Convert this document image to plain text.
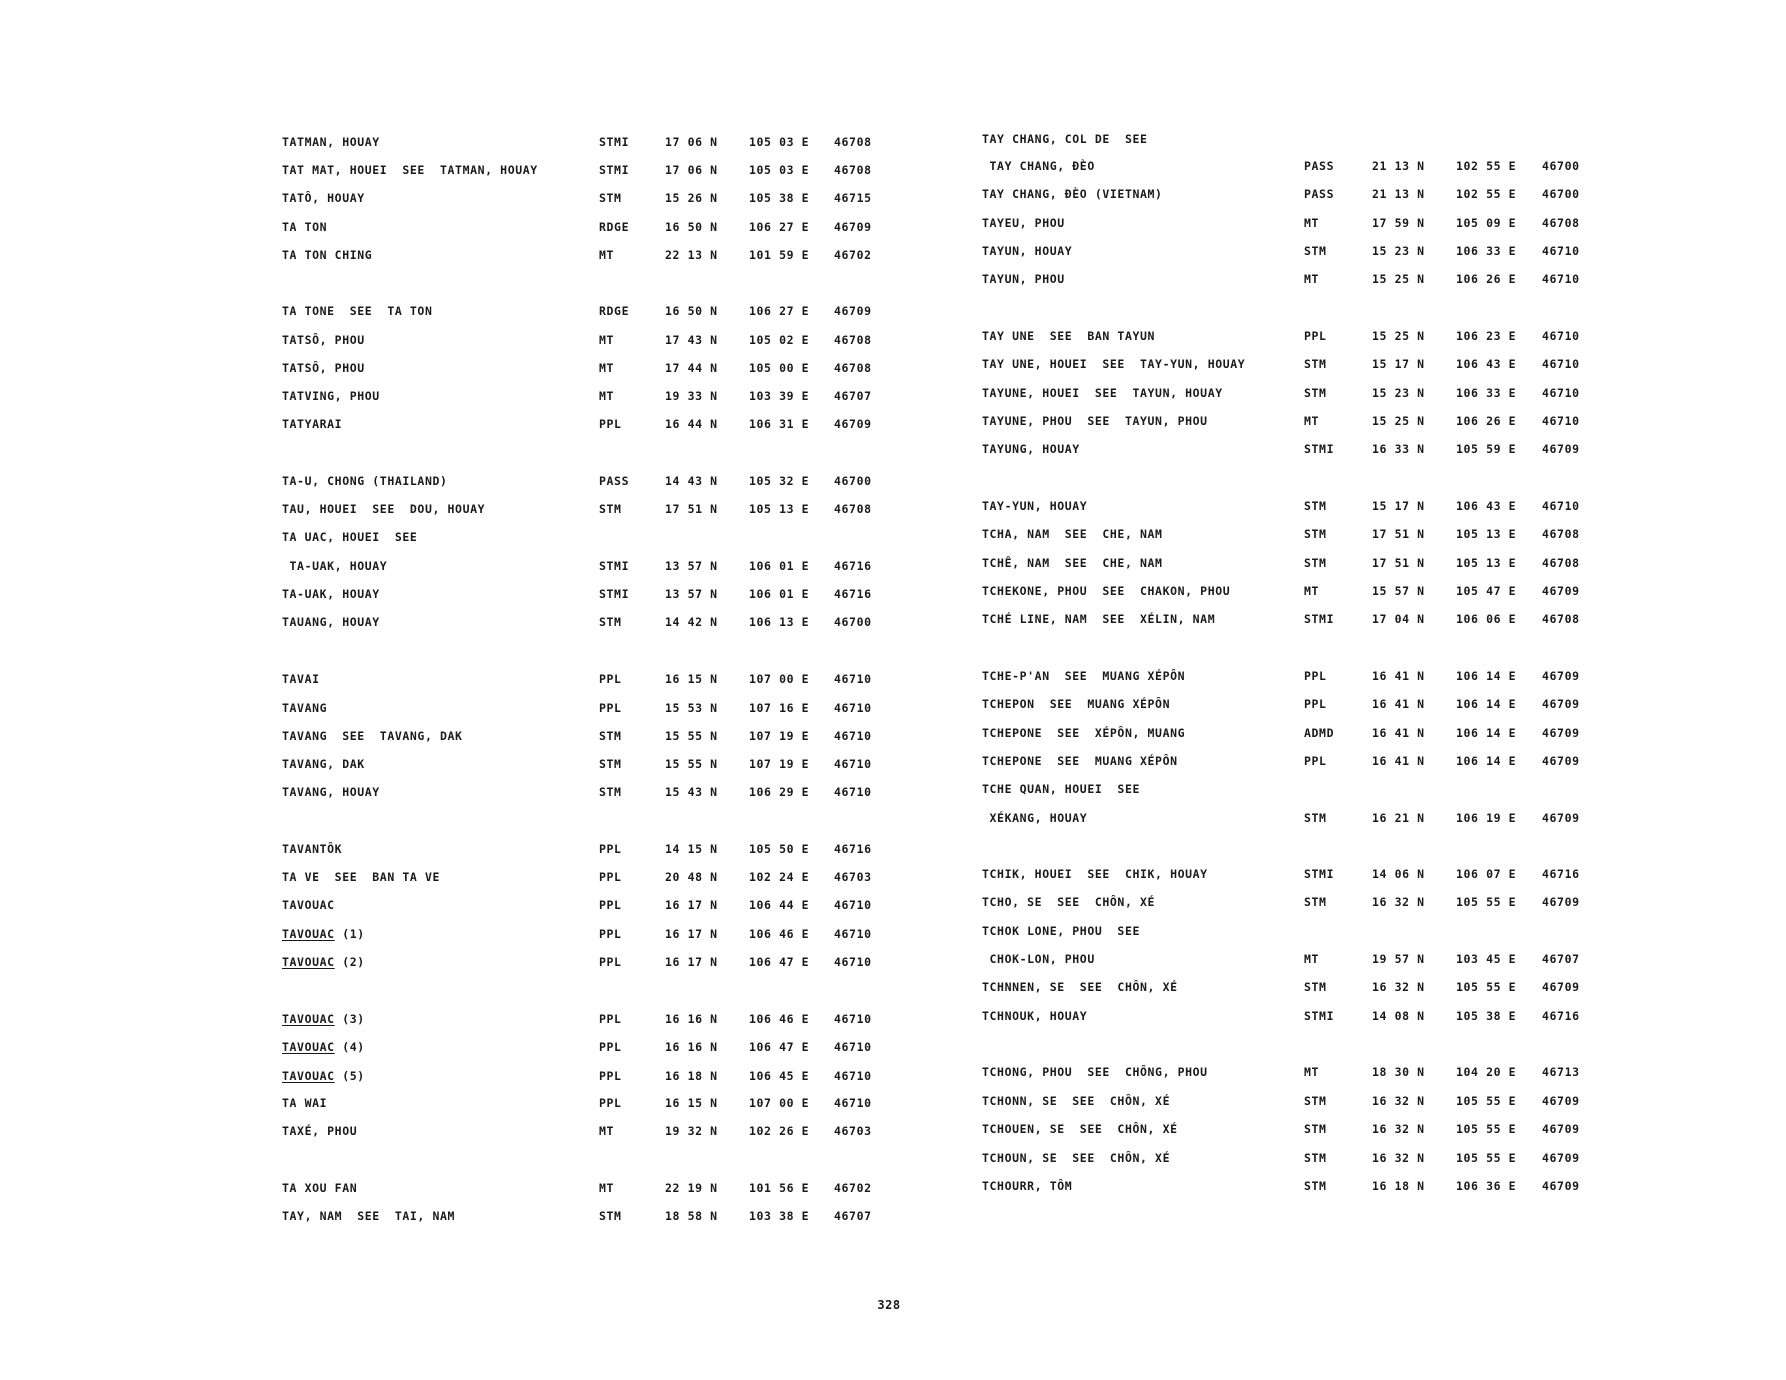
TATMAN, HOUAY	STMI	17 06 N	105 03 E 46708
TAT MAT, HOUEI  SEE  TATMAN, HOUAY	STMI	17 06 N	105 03 E 46708
TATÔ, HOUAY	STM	15 26 N	105 38 E 46715
TA TON	RDGE	16 50 N	106 27 E 46709
TA TON CHING	MT	22 13 N	101 59 E 46702
TA TONE  SEE  TA TON	RDGE	16 50 N	106 27 E 46709
TATSÔ, PHOU	MT	17 43 N	105 02 E 46708
TATSÔ, PHOU	MT	17 44 N	105 00 E 46708
TATVING, PHOU	MT	19 33 N	103 39 E 46707
TATYARAI	PPL	16 44 N	106 31 E 46709
TA-U, CHONG (THAILAND)	PASS	14 43 N	105 32 E 46700
TAU, HOUEI  SEE  DOU, HOUAY	STM	17 51 N	105 13 E 46708
TA UAC, HOUEI  SEE
TA-UAK, HOUAY	STMI	13 57 N	106 01 E 46716
TA-UAK, HOUAY	STMI	13 57 N	106 01 E 46716
TAUANG, HOUAY	STM	14 42 N	106 13 E 46700
TAVAI	PPL	16 15 N	107 00 E 46710
TAVANG	PPL	15 53 N	107 16 E 46710
TAVANG  SEE  TAVANG, DAK	STM	15 55 N	107 19 E 46710
TAVANG, DAK	STM	15 55 N	107 19 E 46710
TAVANG, HOUAY	STM	15 43 N	106 29 E 46710
TAVANTÔK	PPL	14 15 N	105 50 E 46716
TA VE  SEE  BAN TA VE	PPL	20 48 N	102 24 E 46703
TAVOUAC	PPL	16 17 N	106 44 E 46710
TAVOUAC (1)	PPL	16 17 N	106 46 E 46710
TAVOUAC (2)	PPL	16 17 N	106 47 E 46710
TAVOUAC (3)	PPL	16 16 N	106 46 E 46710
TAVOUAC (4)	PPL	16 16 N	106 47 E 46710
TAVOUAC (5)	PPL	16 18 N	106 45 E 46710
TA WAI	PPL	16 15 N	107 00 E 46710
TAXÉ, PHOU	MT	19 32 N	102 26 E 46703
TA XOU FAN	MT	22 19 N	101 56 E 46702
TAY, NAM  SEE  TAI, NAM	STM	18 58 N	103 38 E 46707
TAY CHANG, COL DE  SEE
TAY CHANG, ĐÈO	PASS	21 13 N	102 55 E 46700
TAY CHANG, ĐÈO (VIETNAM)	PASS	21 13 N	102 55 E 46700
TAYEU, PHOU	MT	17 59 N	105 09 E 46708
TAYUN, HOUAY	STM	15 23 N	106 33 E 46710
TAYUN, PHOU	MT	15 25 N	106 26 E 46710
TAY UNE  SEE  BAN TAYUN	PPL	15 25 N	106 23 E 46710
TAY UNE, HOUEI  SEE  TAY-YUN, HOUAY	STM	15 17 N	106 43 E 46710
TAYUNE, HOUEI  SEE  TAYUN, HOUAY	STM	15 23 N	106 33 E 46710
TAYUNE, PHOU  SEE  TAYUN, PHOU	MT	15 25 N	106 26 E 46710
TAYUNG, HOUAY	STMI	16 33 N	105 59 E 46709
TAY-YUN, HOUAY	STM	15 17 N	106 43 E 46710
TCHA, NAM  SEE  CHE, NAM	STM	17 51 N	105 13 E 46708
TCHÊ, NAM  SEE  CHE, NAM	STM	17 51 N	105 13 E 46708
TCHEKONE, PHOU  SEE  CHAKON, PHOU	MT	15 57 N	105 47 E 46709
TCHÉ LINE, NAM  SEE  XÉLIN, NAM	STMI	17 04 N	106 06 E 46708
TCHE-P'AN  SEE  MUANG XÉPÔN	PPL	16 41 N	106 14 E 46709
TCHEPON  SEE  MUANG XÉPÔN	PPL	16 41 N	106 14 E 46709
TCHEPONE  SEE  XÉPÔN, MUANG	ADMD	16 41 N	106 14 E 46709
TCHEPONE  SEE  MUANG XÉPÔN	PPL	16 41 N	106 14 E 46709
TCHE QUAN, HOUEI  SEE
XÉKANG, HOUAY	STM	16 21 N	106 19 E 46709
TCHIK, HOUEI  SEE  CHIK, HOUAY	STMI	14 06 N	106 07 E 46716
TCHO, SE  SEE  CHÔN, XÉ	STM	16 32 N	105 55 E 46709
TCHOK LONE, PHOU  SEE
CHOK-LON, PHOU	MT	19 57 N	103 45 E 46707
TCHNNEN, SE  SEE  CHÔN, XÉ	STM	16 32 N	105 55 E 46709
TCHNOUK, HOUAY	STMI	14 08 N	105 38 E 46716
TCHONG, PHOU  SEE  CHÔNG, PHOU	MT	18 30 N	104 20 E 46713
TCHONN, SE  SEE  CHÔN, XÉ	STM	16 32 N	105 55 E 46709
TCHOUEN, SE  SEE  CHÔN, XÉ	STM	16 32 N	105 55 E 46709
TCHOUN, SE  SEE  CHÔN, XÉ	STM	16 32 N	105 55 E 46709
TCHOURR, TÔM	STM	16 18 N	106 36 E 46709
328
